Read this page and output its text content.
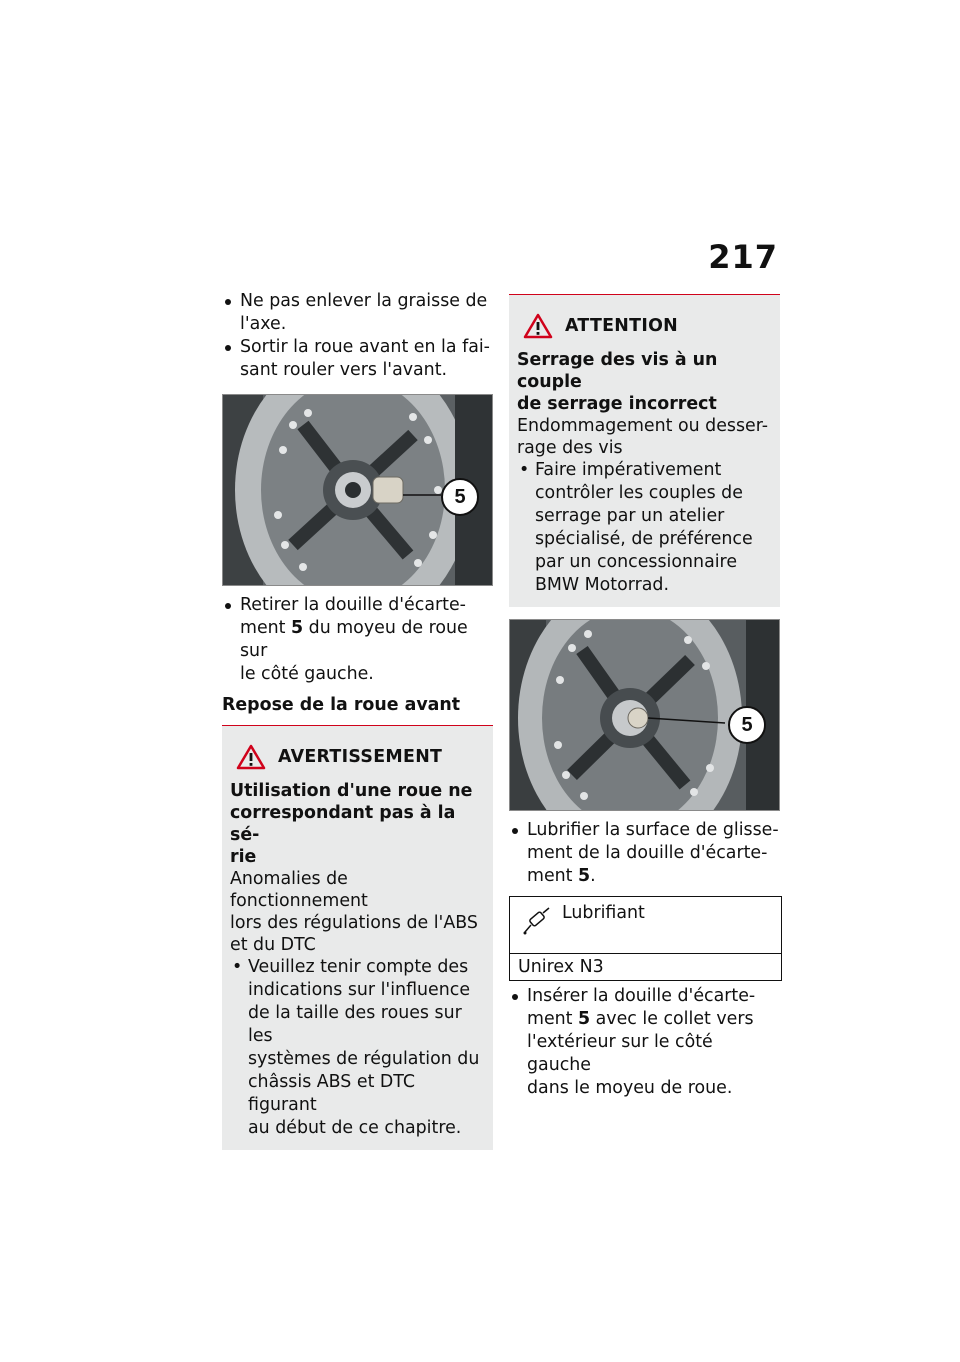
217
Ne pas enlever la graisse de
l'axe.
Sortir la roue avant en la fai-
sant rouler vers l'avant.
5
Retirer la douille d'écarte-
ment 5 du moyeu de roue sur
le côté gauche.
Repose de la roue avant
AVERTISSEMENT
Utilisation d'une roue ne
correspondant pas à la sé-
rie
Anomalies de fonctionnement
lors des régulations de l'ABS
et du DTC
• Veuillez tenir compte des
indications sur l'influence
de la taille des roues sur les
systèmes de régulation du
châssis ABS et DTC figurant
au début de ce chapitre.
ATTENTION
Serrage des vis à un couple
de serrage incorrect
Endommagement ou desser-
rage des vis
• Faire impérativement
contrôler les couples de
serrage par un atelier
spécialisé, de préférence
par un concessionnaire
BMW Motorrad.
5
Lubrifier la surface de glisse-
ment de la douille d'écarte-
ment 5.
Lubrifiant
Unirex N3
Insérer la douille d'écarte-
ment 5 avec le collet vers
l'extérieur sur le côté gauche
dans le moyeu de roue.
